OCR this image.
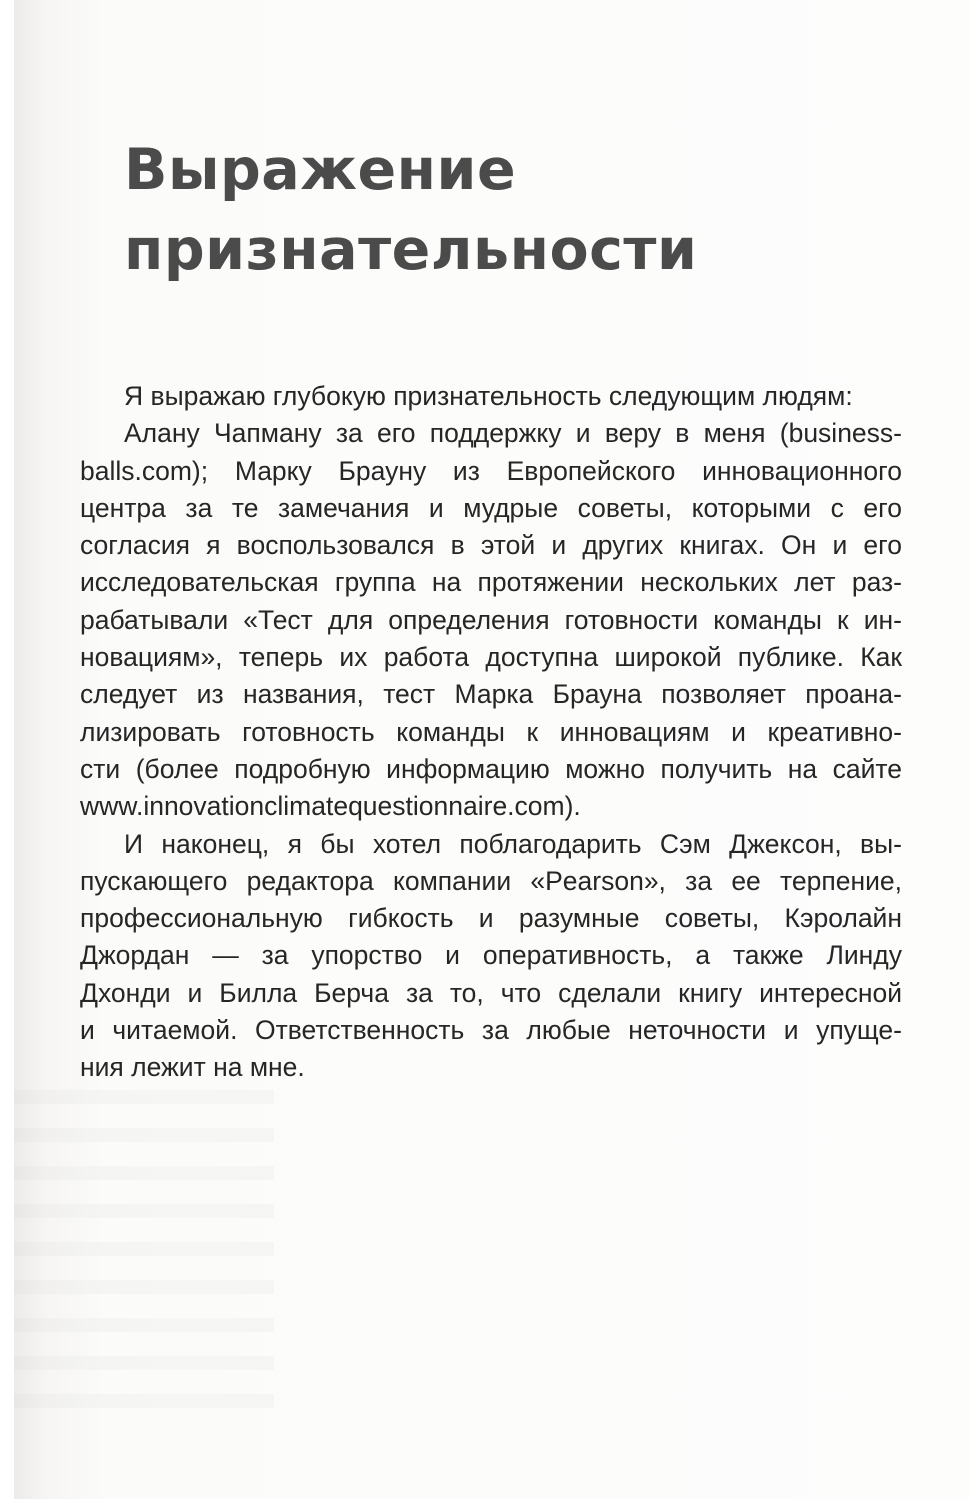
Выражение
признательности
Я выражаю глубокую признательность следующим людям:
Алану Чапману за его поддержку и веру в меня (business-
balls.com); Марку Брауну из Европейского инновационного
центра за те замечания и мудрые советы, которыми с его
согласия я воспользовался в этой и других книгах. Он и его
исследовательская группа на протяжении нескольких лет раз-
рабатывали «Тест для определения готовности команды к ин-
новациям», теперь их работа доступна широкой публике. Как
следует из названия, тест Марка Брауна позволяет проана-
лизировать готовность команды к инновациям и креативно-
сти (более подробную информацию можно получить на сайте
www.innovationclimatequestionnaire.com).
И наконец, я бы хотел поблагодарить Сэм Джексон, вы-
пускающего редактора компании «Pearson», за ее терпение,
профессиональную гибкость и разумные советы, Кэролайн
Джордан — за упорство и оперативность, а также Линду
Дхонди и Билла Берча за то, что сделали книгу интересной
и читаемой. Ответственность за любые неточности и упуще-
ния лежит на мне.
